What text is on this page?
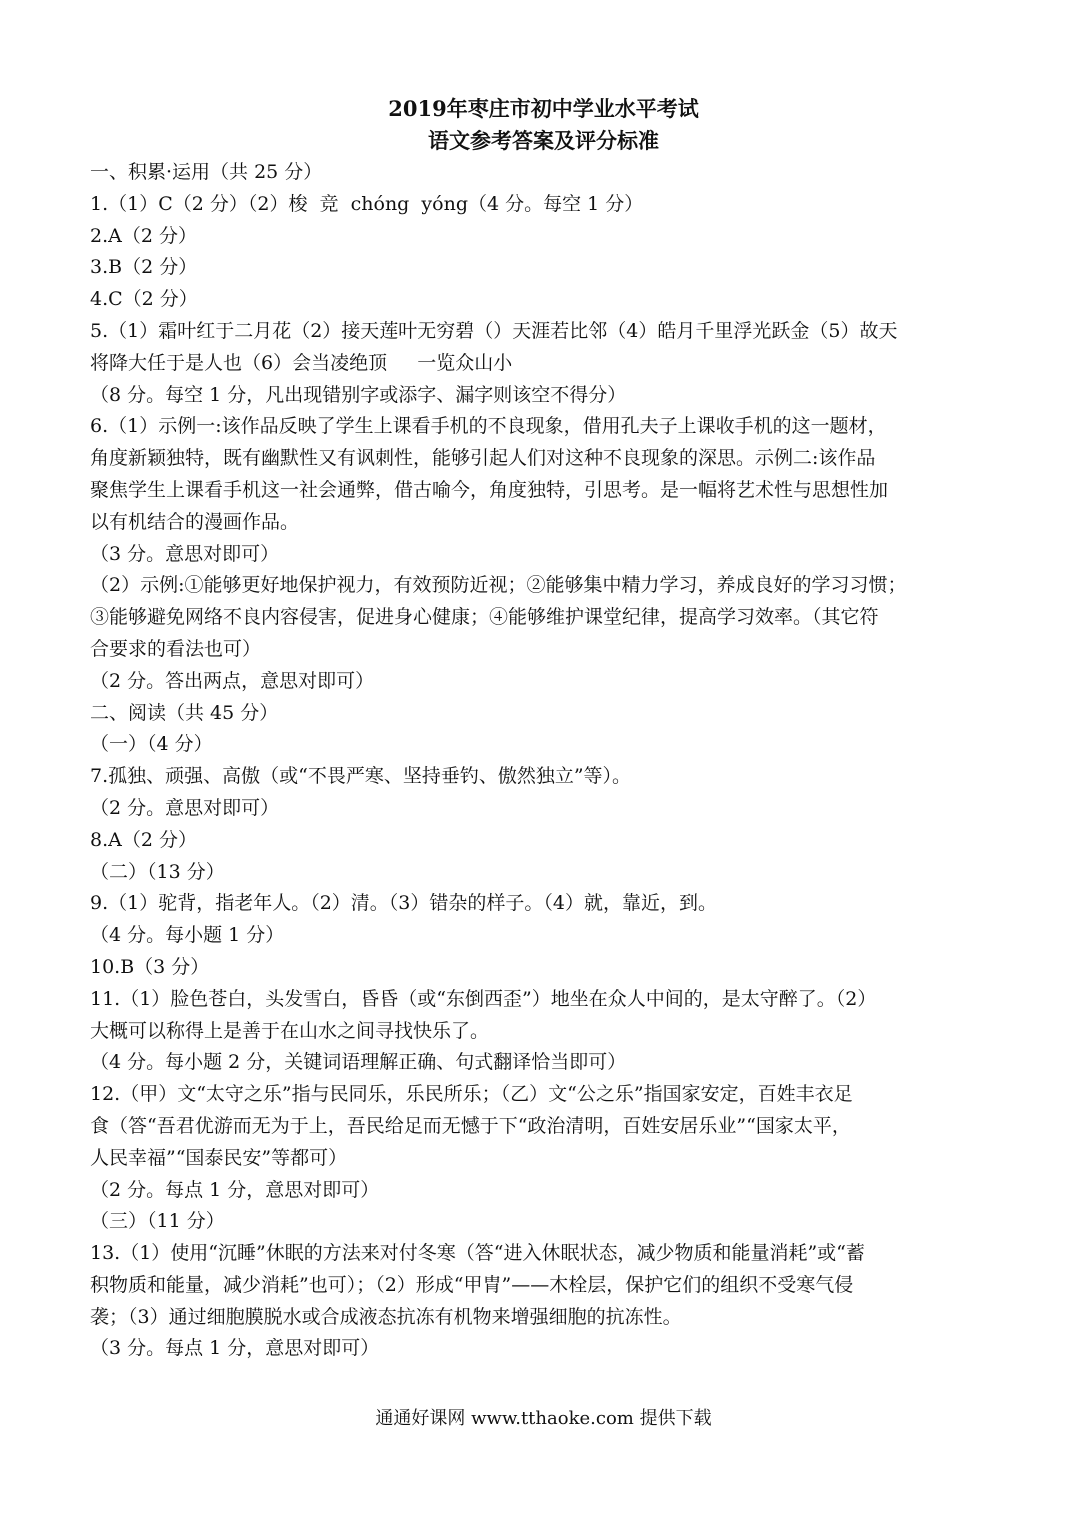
2019年枣庄市初中学业水平考试
语文参考答案及评分标准
一、积累·运用（共 25 分）
1.（1）C（2 分）（2）梭  竞  chóng  yóng（4 分。每空 1 分）
2.A（2 分）
3.B（2 分）
4.C（2 分）
5.（1）霜叶红于二月花（2）接天莲叶无穷碧（）天涯若比邻（4）皓月千里浮光跃金（5）故天
将降大任于是人也（6）会当凌绝顶     一览众山小
（8 分。每空 1 分，凡出现错别字或添字、漏字则该空不得分）
6.（1）示例一:该作品反映了学生上课看手机的不良现象，借用孔夫子上课收手机的这一题材，
角度新颖独特，既有幽默性又有讽刺性，能够引起人们对这种不良现象的深思。示例二:该作品
聚焦学生上课看手机这一社会通弊，借古喻今，角度独特，引思考。是一幅将艺术性与思想性加
以有机结合的漫画作品。
（3 分。意思对即可）
（2）示例:①能够更好地保护视力，有效预防近视；②能够集中精力学习，养成良好的学习习惯；
③能够避免网络不良内容侵害，促进身心健康；④能够维护课堂纪律，提高学习效率。（其它符
合要求的看法也可）
（2 分。答出两点，意思对即可）
二、阅读（共 45 分）
（一）（4 分）
7.孤独、顽强、高傲（或“不畏严寒、坚持垂钓、傲然独立”等）。
（2 分。意思对即可）
8.A（2 分）
（二）（13 分）
9.（1）驼背，指老年人。（2）清。（3）错杂的样子。（4）就，靠近，到。
（4 分。每小题 1 分）
10.B（3 分）
11.（1）脸色苍白，头发雪白，昏昏（或“东倒西歪”）地坐在众人中间的，是太守醉了。（2）
大概可以称得上是善于在山水之间寻找快乐了。
（4 分。每小题 2 分，关键词语理解正确、句式翻译恰当即可）
12.（甲）文“太守之乐”指与民同乐，乐民所乐；（乙）文“公之乐”指国家安定，百姓丰衣足
食（答“吾君优游而无为于上，吾民给足而无憾于下“政治清明，百姓安居乐业”“国家太平，
人民幸福”“国泰民安”等都可）
（2 分。每点 1 分，意思对即可）
（三）（11 分）
13.（1）使用“沉睡”休眠的方法来对付冬寒（答“进入休眠状态，减少物质和能量消耗”或“蓄
积物质和能量，减少消耗”也可）；（2）形成“甲胄”——木栓层，保护它们的组织不受寒气侵
袭；（3）通过细胞膜脱水或合成液态抗冻有机物来增强细胞的抗冻性。
（3 分。每点 1 分，意思对即可）
通通好课网 www.tthaoke.com 提供下载
